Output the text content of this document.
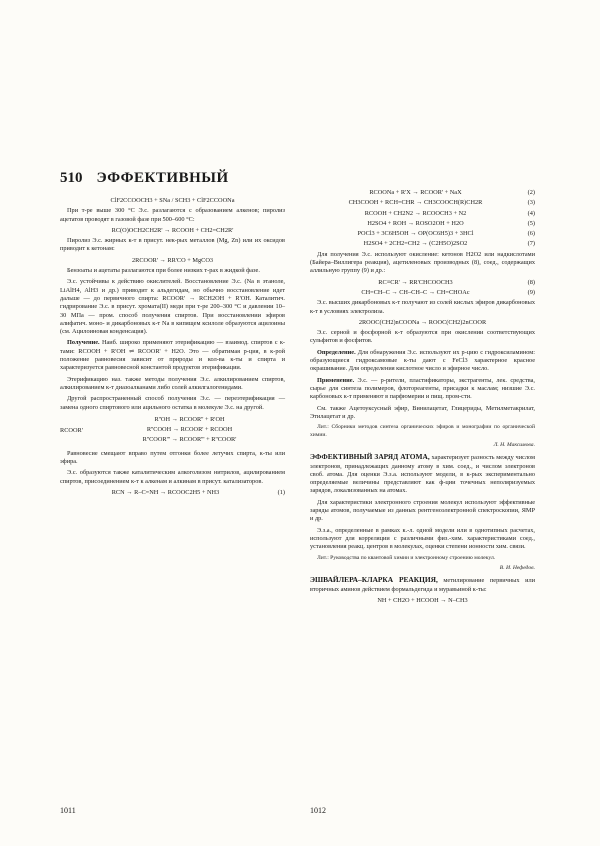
510 ЭФФЕКТИВНЫЙ
ClF2CCOOCH3 + SNa / SCH3 + ClF2CCOONa

При т-ре выше 300 °С Э.с. разлагаются с образованием алкенов; пиролиз ацетатов проводят в газовой фазе при 500–600 °С:

RC(O)OCH2CH2R' → RCOOH + CH2=CH2R'

Пиролиз Э.с. жирных к-т в присут. нек-рых металлов (Mg, Zn) или их оксидов приводит к кетонам:

2RCOOR' → RR'CO + MgCO3

Бензоаты и ацетаты разлагаются при более низких т-рах в жидкой фазе.

Э.с. устойчивы к действию окислителей. Восстановление Э.с. (Na в этаноле, LiAlH4, AlH3 и др.) приводит к альдегидам, но обычно восстановление идет дальше — до первичного спирта: RCOOR' → RCH2OH + R'OH. Каталитич. гидрирование Э.с. в присут. хромата(II) меди при т-ре 200–300 °С и давлении 10–30 МПа — пром. способ получения спиртов. При восстановлении эфиров алифатич. моно- и дикарбоновых к-т Na в кипящем ксилоле образуются ацилоины (см. Ацилоиновая конденсация).

Получение. Наиб. широко применяют этерификацию — взаимод. спиртов с к-тами: RCOOH + R'OH ⇌ RCOOR' + H2O. Это — обратимая р-ция, в к-рой положение равновесия зависит от природы и кол-ва к-ты и спирта и характеризуется равновесной константой продуктов этерификации.

Этерификацию наз. также методы получения Э.с. алкилированием спиртов, алкилированием к-т диазоалканами либо солей алкилгалогенидами.

Другой распространенный способ получения Э.с. — переэтерификация — замена одного спиртового или ацильного остатка в молекуле Э.с. на другой.

RCOOR'
R''OH → RCOOR'' + R'OH
R''COOH → RCOOR' + RCOOH
R''COOR''' → RCOOR''' + R''COOR'

Равновесие смещают вправо путем отгонки более летучих спирта, к-ты или эфира.

Э.с. образуются также каталитическим алкоголизом нитрилов, ацилированием спиртов, присоединением к-т к алкенам и алкинам в присут. катализаторов.

RCN → R–C=NH → RCOOC2H5 + NH3	(1)
RCOONa + R'X → RCOOR' + NaX	(2)
CH3COOH + RCH=CHR → CH3COOCH(R)CH2R	(3)
RCOOH + CH2N2 → RCOOCH3 + N2	(4)
H2SO4 + ROH → ROSO2OH + H2O	(5)
POCl3 + 3C6H5OH → OP(OC6H5)3 + 3HCl	(6)
H2SO4 + 2CH2=CH2 → (C2H5O)2SO2	(7)

Для получения Э.с. используют окисление: кетонов H2O2 или надкислотами (Байера–Виллигера реакция), ацетиленовых производных (8), соед., содержащих аллильную группу (9) и др.:

RC≡CR' → RR'CHCOOCH3	(8)
CH=CH–C → CH–CH–C → CH=CHOAc	(9)

Э.с. высших дикарбоновых к-т получают из солей кислых эфиров дикарбоновых к-т в условиях электролиза.

2ROOC(CH2)nCOONa → ROOC(CH2)2nCOOR

Э.с. серной и фосфорной к-т образуются при окислении соответствующих сульфитов и фосфитов.

Определение. Для обнаружения Э.с. используют их р-цию с гидроксиламином: образующиеся гидроксамовые к-ты дают с FeCl3 характерное красное окрашивание. Для определения кислотное число и эфирное число.

Применение. Э.с. — р-рители, пластификаторы, экстрагенты, лек. средства, сырье для синтеза полимеров, флотореагенты, присадки к маслам; низшие Э.с. карбоновых к-т применяют в парфюмерии и пищ. пром-сти.

См. также Ацетоуксусный эфир, Винилацетат, Глицериды, Метилметакрилат, Этилацетат и др.

Лит.: Сборники методов синтеза органических эфиров и монографии по органической химии.

Л. Н. Максимова.

ЭФФЕКТИВНЫЙ ЗАРЯД АТОМА, характеризует разность между числом электронов, принадлежащих данному атому в хим. соед., и числом электронов своб. атома. Для оценки Э.з.а. используют модели, в к-рых экспериментально определяемые величины представляют как ф-ции точечных неполяризуемых зарядов, локализованных на атомах.

Для характеристики электронного строения молекул используют эффективные заряды атомов, получаемые из данных рентгеноэлектронной спектроскопии, ЯМР и др.

Э.з.а., определенные в рамках к.-л. одной модели или в однотипных расчетах, используют для корреляции с различными физ.-хим. характеристиками соед., установления реакц. центров в молекулах, оценки степени ионности хим. связи.

Лит.: Руководства по квантовой химии и электронному строению молекул.

В. И. Нефедов.

ЭШВАЙЛЕРА–КЛАРКА РЕАКЦИЯ, метилирование первичных или вторичных аминов действием формальдегида и муравьиной к-ты:

NH + CH2O + HCOOH → N–CH3
1011	1012
